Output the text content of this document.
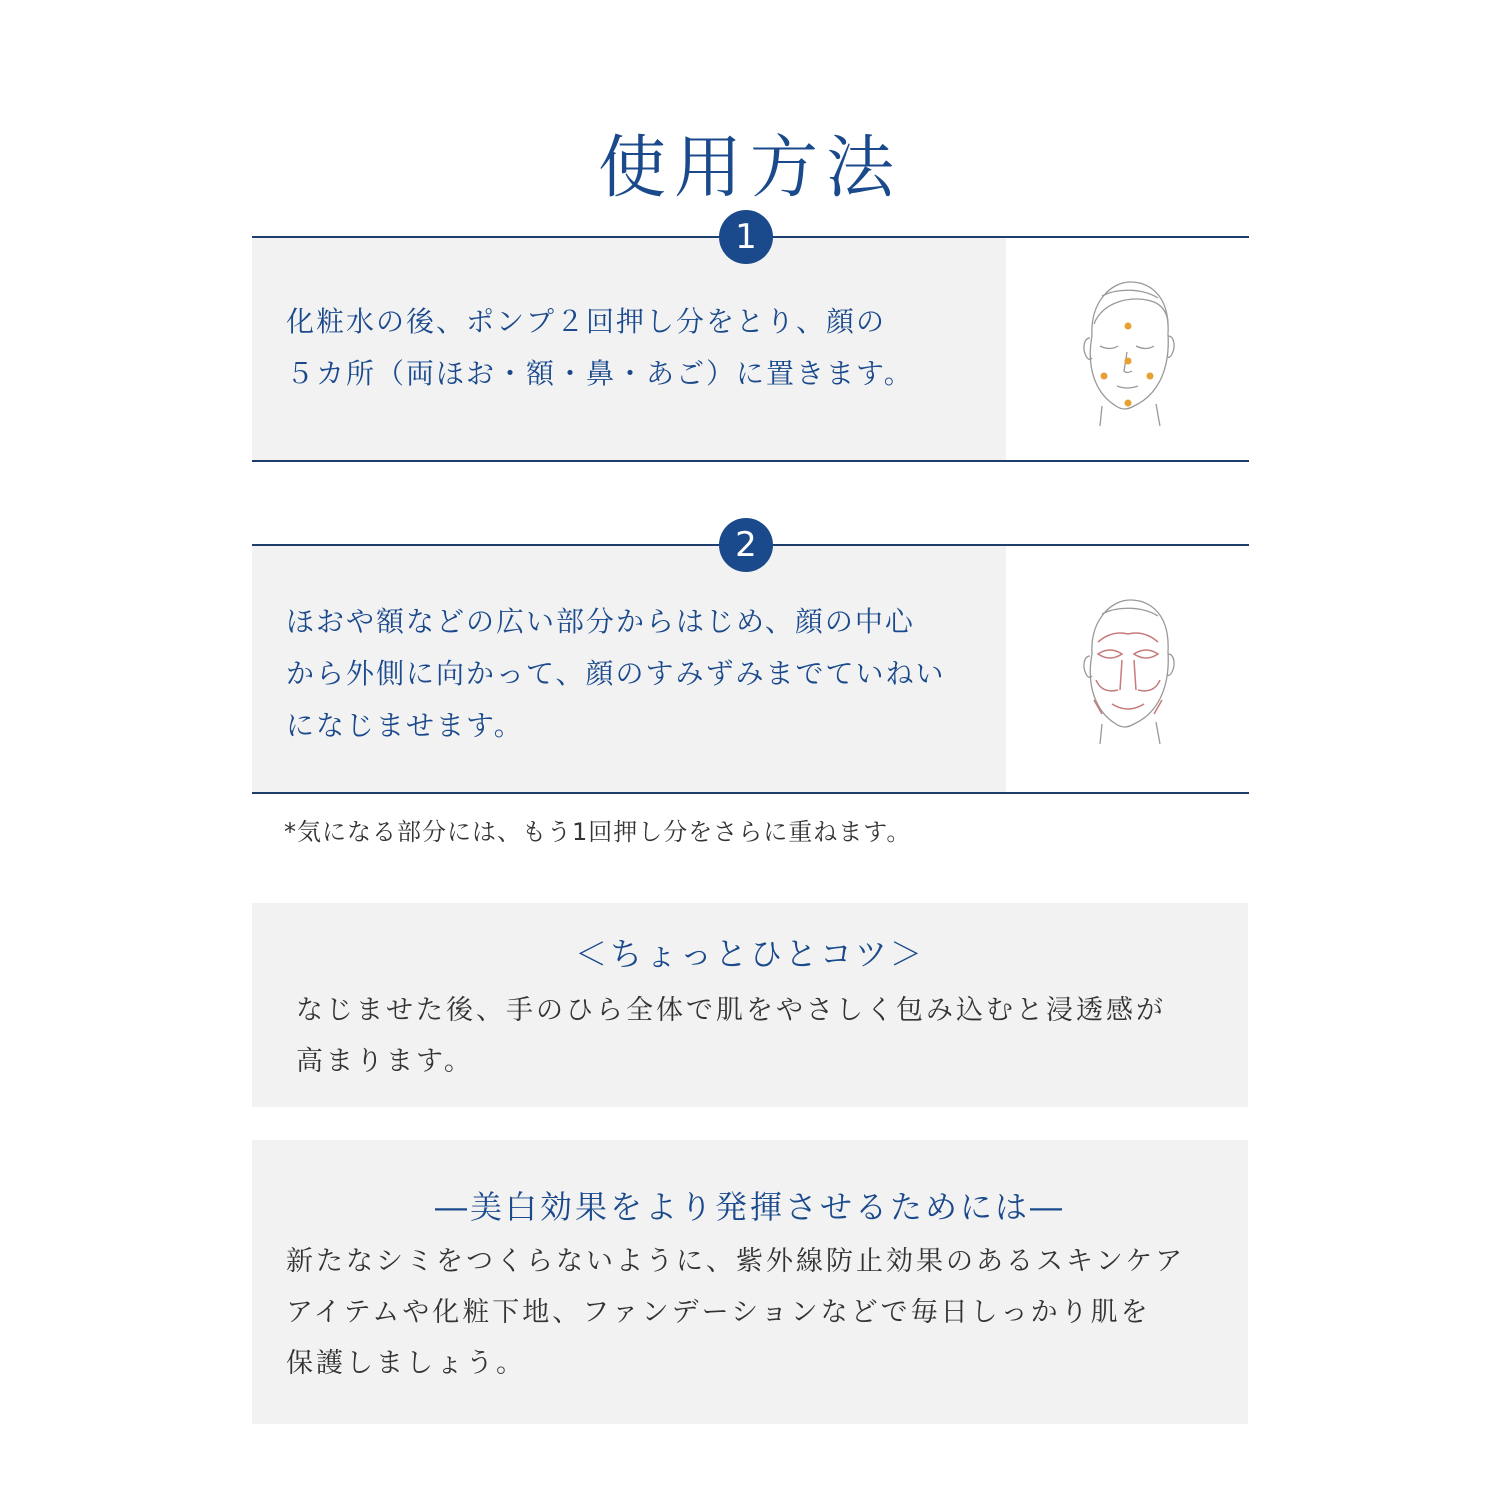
使用方法
1
化粧水の後、ポンプ２回押し分をとり、顔の
５カ所（両ほお・額・鼻・あご）に置きます。
2
ほおや額などの広い部分からはじめ、顔の中心
から外側に向かって、顔のすみずみまでていねい
になじませます。
*気になる部分には、もう1回押し分をさらに重ねます。
＜ちょっとひとコツ＞
なじませた後、手のひら全体で肌をやさしく包み込むと浸透感が
高まります。
―美白効果をより発揮させるためには―
新たなシミをつくらないように、紫外線防止効果のあるスキンケア
アイテムや化粧下地、ファンデーションなどで毎日しっかり肌を
保護しましょう。
